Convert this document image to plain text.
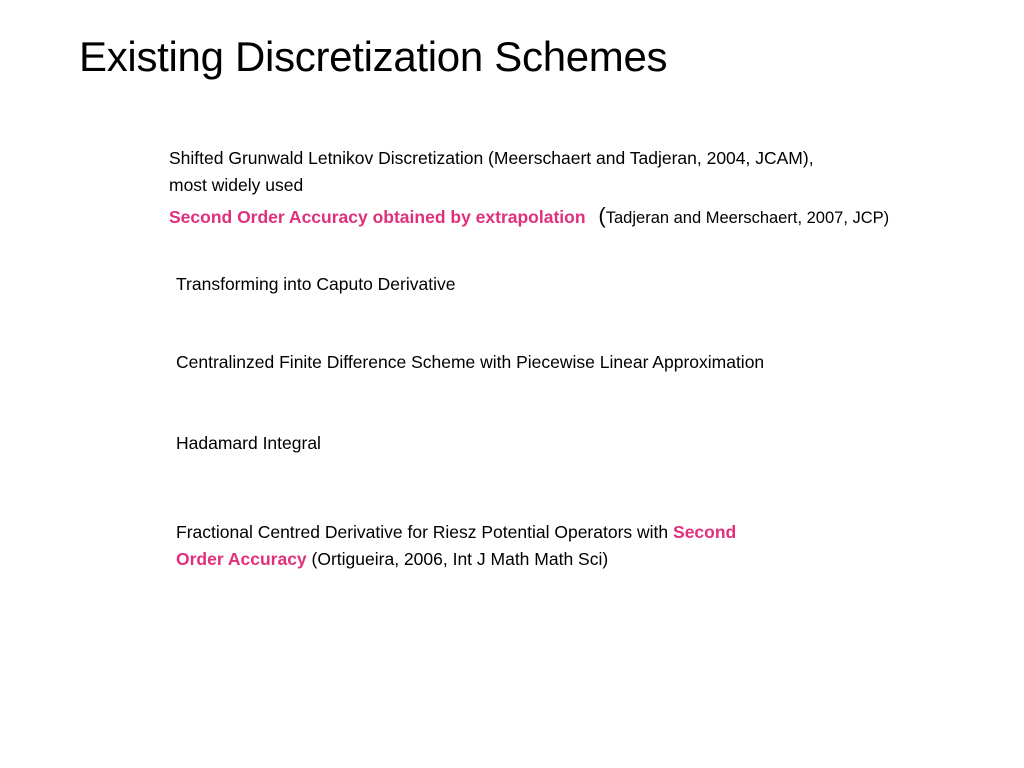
Existing Discretization Schemes
Shifted Grunwald Letnikov Discretization (Meerschaert and Tadjeran, 2004, JCAM),
most widely used
Second Order Accuracy obtained by extrapolation (Tadjeran and Meerschaert, 2007, JCP)
Transforming into Caputo Derivative
Centralinzed Finite Difference Scheme with Piecewise Linear Approximation
Hadamard Integral
Fractional Centred Derivative for Riesz Potential Operators with Second
Order Accuracy (Ortigueira, 2006, Int J Math Math Sci)
